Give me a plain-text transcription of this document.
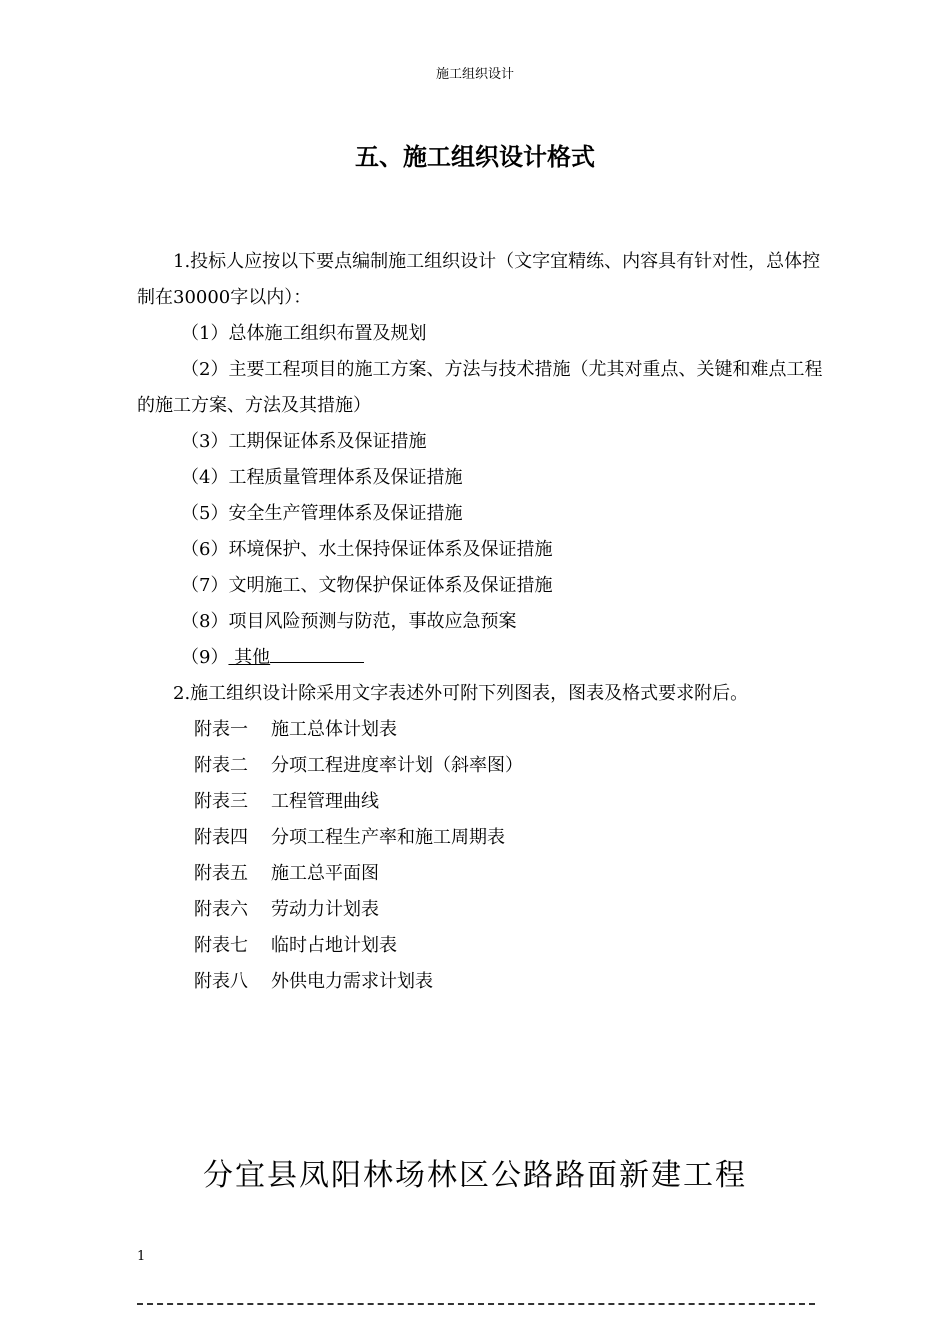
施工组织设计
五、施工组织设计格式

1.投标人应按以下要点编制施工组织设计（文字宜精练、内容具有针对性，总体控制在30000字以内）：

（1）总体施工组织布置及规划

（2）主要工程项目的施工方案、方法与技术措施（尤其对重点、关键和难点工程的施工方案、方法及其措施）

（3）工期保证体系及保证措施

（4）工程质量管理体系及保证措施

（5）安全生产管理体系及保证措施

（6）环境保护、水土保持保证体系及保证措施

（7）文明施工、文物保护保证体系及保证措施

（8）项目风险预测与防范，事故应急预案

（9） 其他

2.施工组织设计除采用文字表述外可附下列图表，图表及格式要求附后。

附表一	施工总体计划表
附表二	分项工程进度率计划（斜率图）
附表三	工程管理曲线
附表四	分项工程生产率和施工周期表
附表五	施工总平面图
附表六	劳动力计划表
附表七	临时占地计划表
附表八	外供电力需求计划表
分宜县凤阳林场林区公路路面新建工程
1
